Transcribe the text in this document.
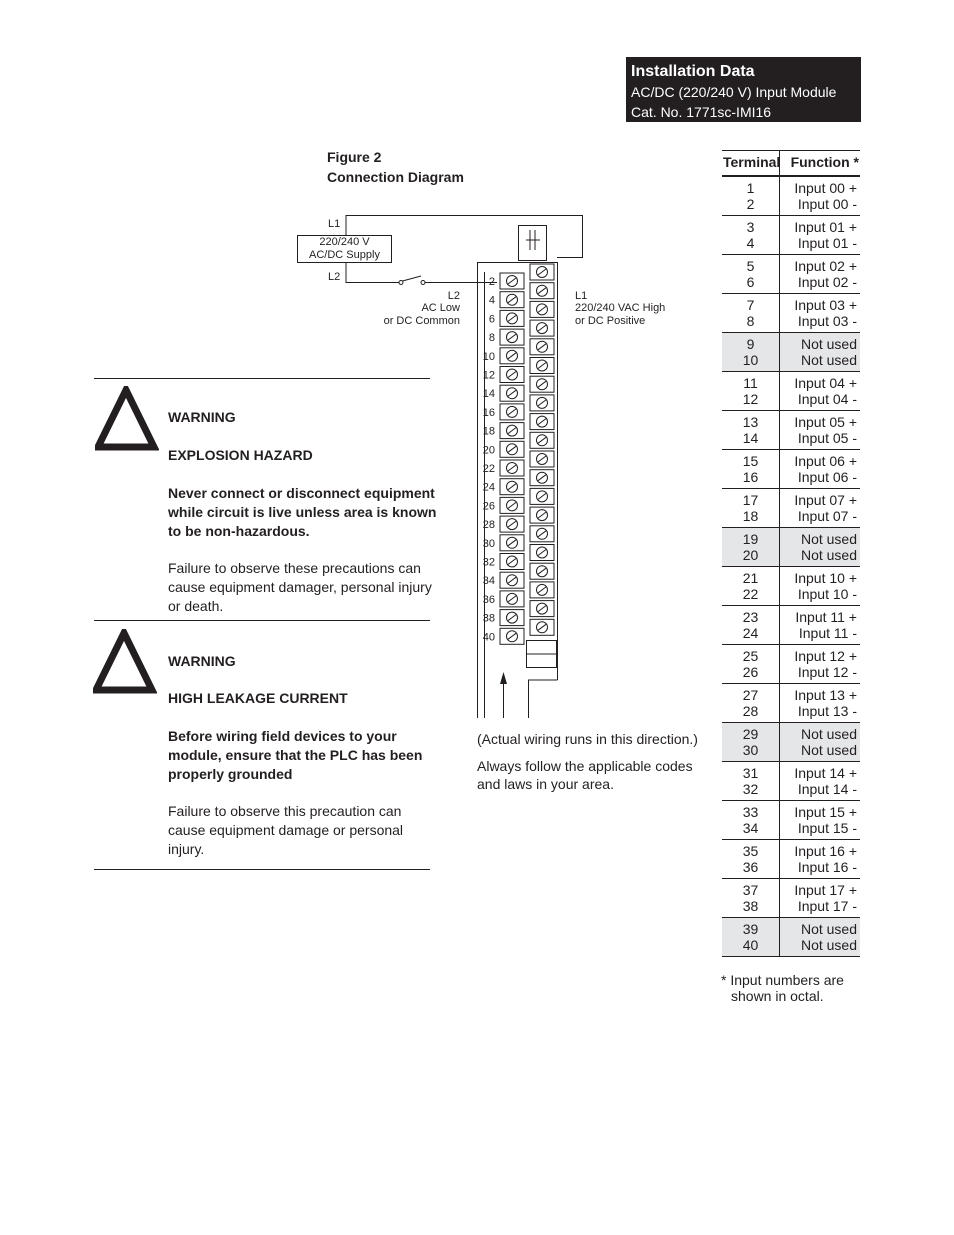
Installation Data
AC/DC (220/240 V) Input Module
Cat. No. 1771sc-IMI16
Figure 2
Connection Diagram
2
4
6
8
10
12
14
16
18
20
22
24
26
28
30
32
34
36
38
40
L1
220/240 V
AC/DC Supply
L2
L2
AC Low
or DC Common
L1
220/240 VAC High
or DC Positive
(Actual wiring runs in this direction.)
Always follow the applicable codes and laws in your area.
WARNING
EXPLOSION HAZARD
Never connect or disconnect equipment while circuit is live unless area is known to be non-hazardous.
Failure to observe these precautions can cause equipment damager, personal injury or death.
WARNING
HIGH LEAKAGE CURRENT
Before wiring field devices to your module, ensure that the PLC has been properly grounded
Failure to observe this precaution can cause equipment damage or personal injury.
Terminal Function *
1
2
Input 00 +
Input 00 -
3
4
Input 01 +
Input 01 -
5
6
Input 02 +
Input 02 -
7
8
Input 03 +
Input 03 -
9
10
Not used
Not used
11
12
Input 04 +
Input 04 -
13
14
Input 05 +
Input 05 -
15
16
Input 06 +
Input 06 -
17
18
Input 07 +
Input 07 -
19
20
Not used
Not used
21
22
Input 10 +
Input 10 -
23
24
Input 11 +
Input 11 -
25
26
Input 12 +
Input 12 -
27
28
Input 13 +
Input 13 -
29
30
Not used
Not used
31
32
Input 14 +
Input 14 -
33
34
Input 15 +
Input 15 -
35
36
Input 16 +
Input 16 -
37
38
Input 17 +
Input 17 -
39
40
Not used
Not used
* Input numbers are
shown in octal.
